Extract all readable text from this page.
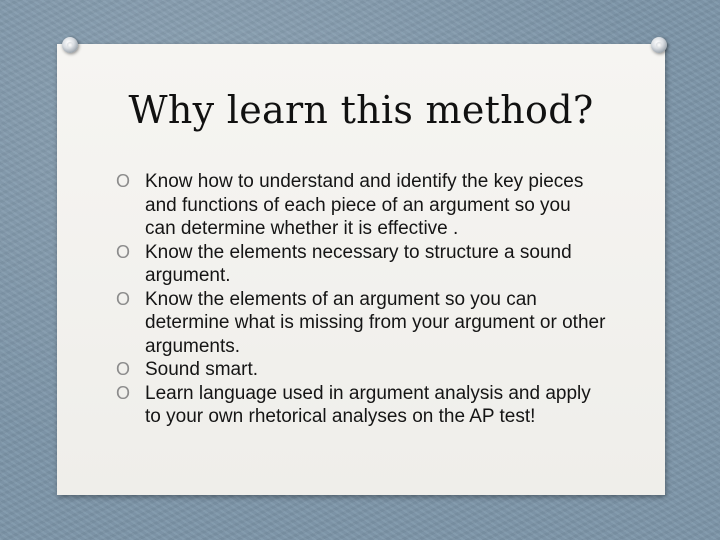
Why learn this method?
O Know how to understand and identify the key pieces and functions of each piece of an argument so you can determine whether it is effective .
O Know the elements necessary to structure a sound argument.
O Know the elements of an argument so you can determine what is missing from your argument or other arguments.
O Sound smart.
O Learn language used in argument analysis and apply to your own rhetorical analyses on the AP test!
